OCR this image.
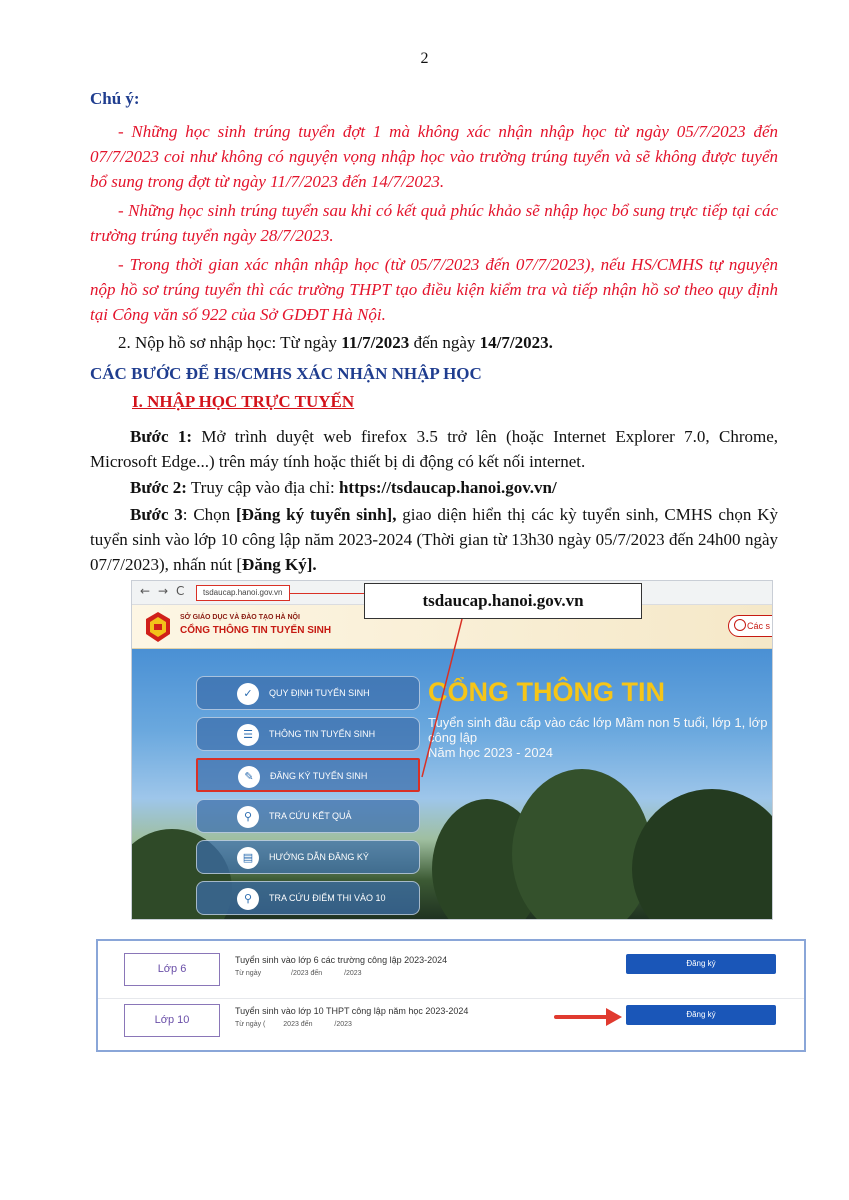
2
Chú ý:

- Những học sinh trúng tuyển đợt 1 mà không xác nhận nhập học từ ngày 05/7/2023 đến 07/7/2023 coi như không có nguyện vọng nhập học vào trường trúng tuyển và sẽ không được tuyển bổ sung trong đợt từ ngày 11/7/2023 đến 14/7/2023.

- Những học sinh trúng tuyển sau khi có kết quả phúc khảo sẽ nhập học bổ sung trực tiếp tại các trường trúng tuyển ngày 28/7/2023.

- Trong thời gian xác nhận nhập học (từ 05/7/2023 đến 07/7/2023), nếu HS/CMHS tự nguyện nộp hồ sơ trúng tuyển thì các trường THPT tạo điều kiện kiểm tra và tiếp nhận hồ sơ theo quy định tại Công văn số 922 của Sở GDĐT Hà Nội.

2. Nộp hồ sơ nhập học: Từ ngày 11/7/2023 đến ngày 14/7/2023.

CÁC BƯỚC ĐỂ HS/CMHS XÁC NHẬN NHẬP HỌC
I. NHẬP HỌC TRỰC TUYẾN

Bước 1: Mở trình duyệt web firefox 3.5 trở lên (hoặc Internet Explorer 7.0, Chrome, Microsoft Edge...) trên máy tính hoặc thiết bị di động có kết nối internet.

Bước 2: Truy cập vào địa chỉ: https://tsdaucap.hanoi.gov.vn/

Bước 3: Chọn [Đăng ký tuyển sinh], giao diện hiển thị các kỳ tuyển sinh, CMHS chọn Kỳ tuyển sinh vào lớp 10 công lập năm 2023-2024 (Thời gian từ 13h30 ngày 05/7/2023 đến 24h00 ngày 07/7/2023), nhấn nút [Đăng Ký].

← → C	tsdaucap.hanoi.gov.vn	tsdaucap.hanoi.gov.vn
SỞ GIÁO DỤC VÀ ĐÀO TẠO HÀ NỘI
CỔNG THÔNG TIN TUYỂN SINH	Các s
CỔNG THÔNG TIN
Tuyển sinh đầu cấp vào các lớp Mầm non 5 tuổi, lớp 1, lớp công lập
Năm học 2023 - 2024
✓	QUY ĐỊNH TUYỂN SINH
☰	THÔNG TIN TUYỂN SINH
✎	ĐĂNG KÝ TUYỂN SINH
⚲	TRA CỨU KẾT QUẢ
▤	HƯỚNG DẪN ĐĂNG KÝ
⚲	TRA CỨU ĐIỂM THI VÀO 10
Lớp 6
Tuyển sinh vào lớp 6 các trường công lập 2023-2024
Từ ngày	/2023 đến	/2023
Đăng ký
Lớp 10
Tuyển sinh vào lớp 10 THPT công lập năm học 2023-2024
Từ ngày (	2023 đến	/2023
Đăng ký
